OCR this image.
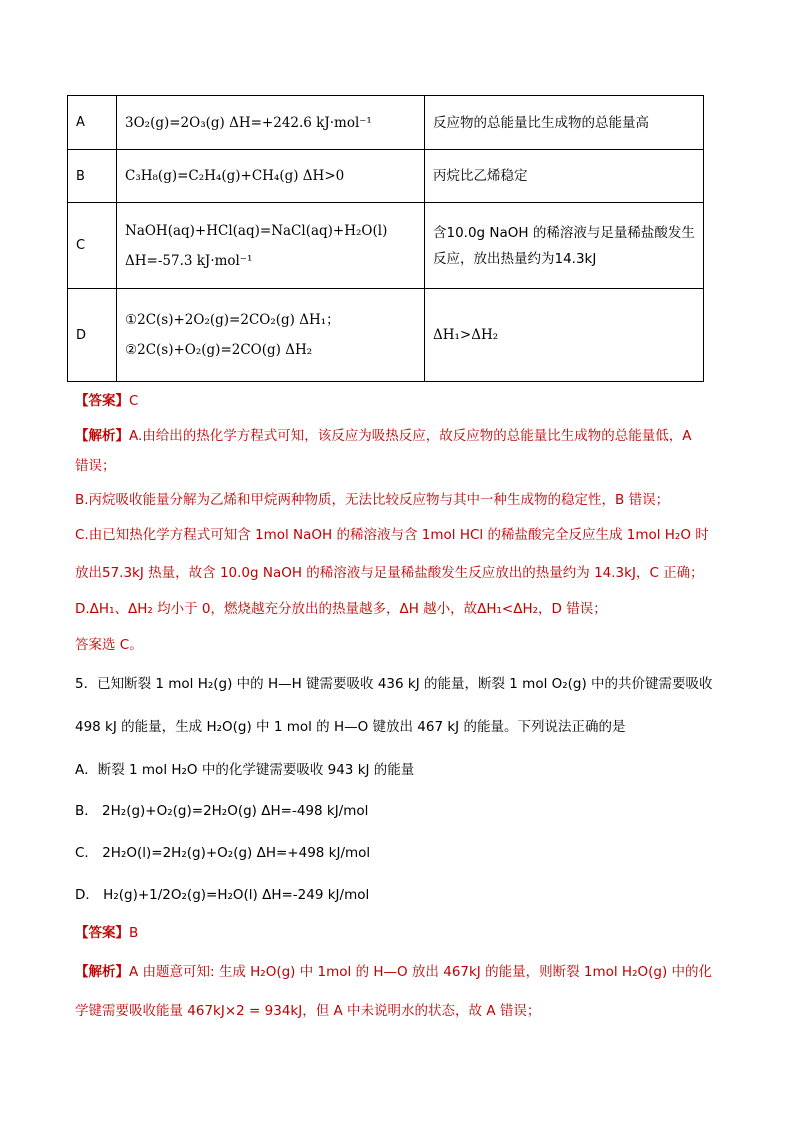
A	3O₂(g)=2O₃(g) ΔH=+242.6 kJ·mol⁻¹	反应物的总能量比生成物的总能量高

B	C₃H₈(g)=C₂H₄(g)+CH₄(g) ΔH>0	丙烷比乙烯稳定

C	NaOH(aq)+HCl(aq)=NaCl(aq)+H₂O(l)
ΔH=-57.3 kJ·mol⁻¹	含10.0g NaOH 的稀溶液与足量稀盐酸发生反应，放出热量约为14.3kJ

D	①2C(s)+2O₂(g)=2CO₂(g) ΔH₁；
②2C(s)+O₂(g)=2CO(g) ΔH₂	ΔH₁>ΔH₂
【答案】C
【解析】A.由给出的热化学方程式可知，该反应为吸热反应，故反应物的总能量比生成物的总能量低，A
错误；
B.丙烷吸收能量分解为乙烯和甲烷两种物质，无法比较反应物与其中一种生成物的稳定性，B 错误；
C.由已知热化学方程式可知含 1mol NaOH 的稀溶液与含 1mol HCl 的稀盐酸完全反应生成 1mol H₂O 时
放出57.3kJ 热量，故含 10.0g NaOH 的稀溶液与足量稀盐酸发生反应放出的热量约为 14.3kJ，C 正确；
D.ΔH₁、ΔH₂ 均小于 0，燃烧越充分放出的热量越多，ΔH 越小，故ΔH₁<ΔH₂，D 错误；
答案选 C。
5．已知断裂 1 mol H₂(g) 中的 H—H 键需要吸收 436 kJ 的能量，断裂 1 mol O₂(g) 中的共价键需要吸收
498 kJ 的能量，生成 H₂O(g) 中 1 mol 的 H—O 键放出 467 kJ 的能量。下列说法正确的是
A．断裂 1 mol H₂O 中的化学键需要吸收 943 kJ 的能量
B． 2H₂(g)+O₂(g)=2H₂O(g) ΔH=-498 kJ/mol
C． 2H₂O(l)=2H₂(g)+O₂(g) ΔH=+498 kJ/mol
D． H₂(g)+1/2O₂(g)=H₂O(l) ΔH=-249 kJ/mol
【答案】B
【解析】A 由题意可知: 生成 H₂O(g) 中 1mol 的 H—O 放出 467kJ 的能量，则断裂 1mol H₂O(g) 中的化
学键需要吸收能量 467kJ×2 = 934kJ，但 A 中未说明水的状态，故 A 错误；
